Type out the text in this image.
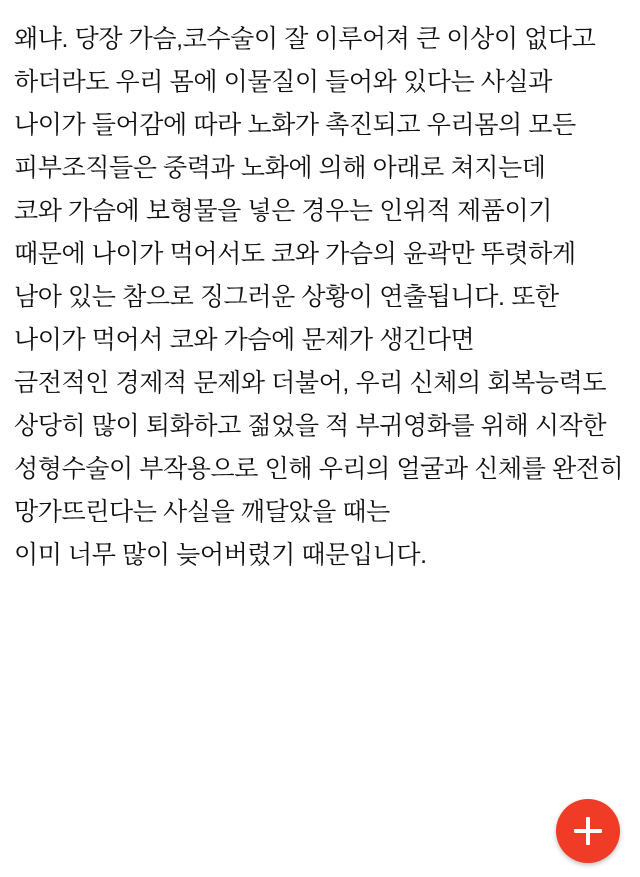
왜냐. 당장 가슴,코수술이 잘 이루어져 큰 이상이 없다고 하더라도 우리 몸에 이물질이 들어와 있다는 사실과

나이가 들어감에 따라 노화가 촉진되고 우리몸의 모든 피부조직들은 중력과 노화에 의해 아래로 쳐지는데

코와 가슴에 보형물을 넣은 경우는 인위적 제품이기 때문에 나이가 먹어서도 코와 가슴의 윤곽만 뚜렷하게

남아 있는 참으로 징그러운 상황이 연출됩니다. 또한 나이가 먹어서 코와 가슴에 문제가 생긴다면

금전적인 경제적 문제와 더불어, 우리 신체의 회복능력도 상당히 많이 퇴화하고 젊었을 적 부귀영화를 위해 시작한 성형수술이 부작용으로 인해 우리의 얼굴과 신체를 완전히 망가뜨린다는 사실을 깨달았을 때는

이미 너무 많이 늦어버렸기 때문입니다.
